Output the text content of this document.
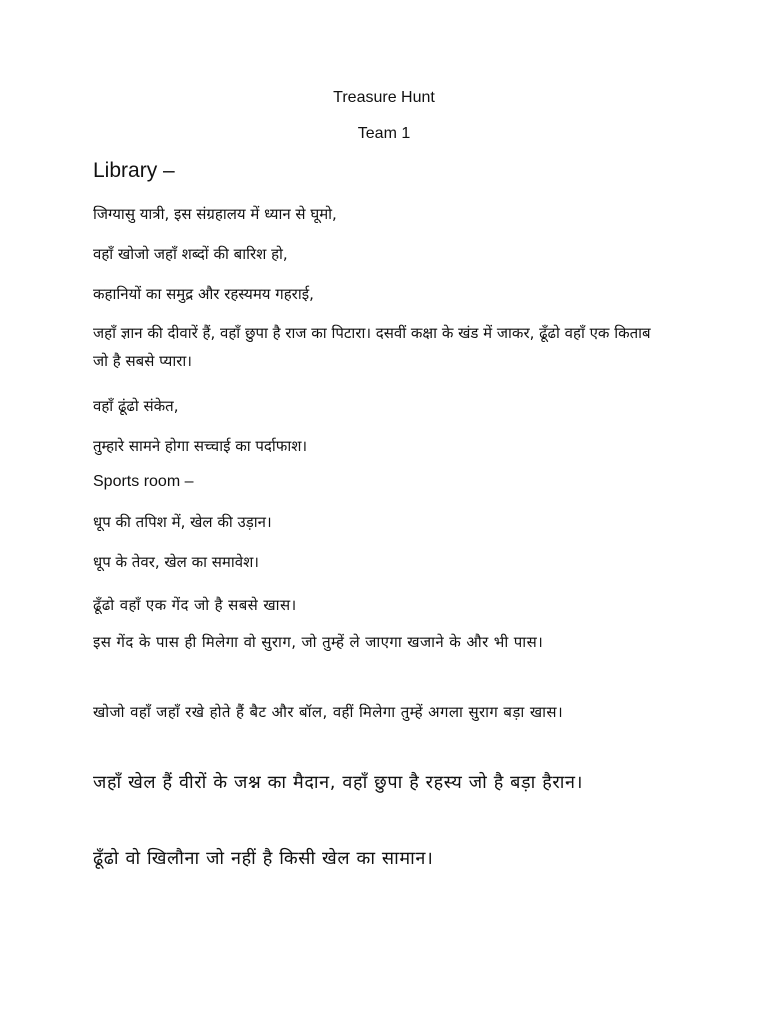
Treasure Hunt
Team 1
Library –
जिग्यासु यात्री, इस संग्रहालय में ध्यान से घूमो,
वहाँ खोजो जहाँ शब्दों की बारिश हो,
कहानियों का समुद्र और रहस्यमय गहराई,
जहाँ ज्ञान की दीवारें हैं, वहाँ छुपा है राज का पिटारा। दसवीं कक्षा के खंड में जाकर, ढूँढो वहाँ एक किताब जो है सबसे प्यारा।
वहाँ ढूंढो संकेत,
तुम्हारे सामने होगा सच्चाई का पर्दाफाश।
Sports room –
धूप की तपिश में, खेल की उड़ान।
धूप के तेवर, खेल का समावेश।
ढूँढो वहाँ एक गेंद जो है सबसे खास।
इस गेंद के पास ही मिलेगा वो सुराग, जो तुम्हें ले जाएगा खजाने के और भी पास।
खोजो वहाँ जहाँ रखे होते हैं बैट और बॉल, वहीं मिलेगा तुम्हें अगला सुराग बड़ा खास।
जहाँ खेल हैं वीरों के जश्न का मैदान, वहाँ छुपा है रहस्य जो है बड़ा हैरान।
ढूँढो वो खिलौना जो नहीं है किसी खेल का सामान।
